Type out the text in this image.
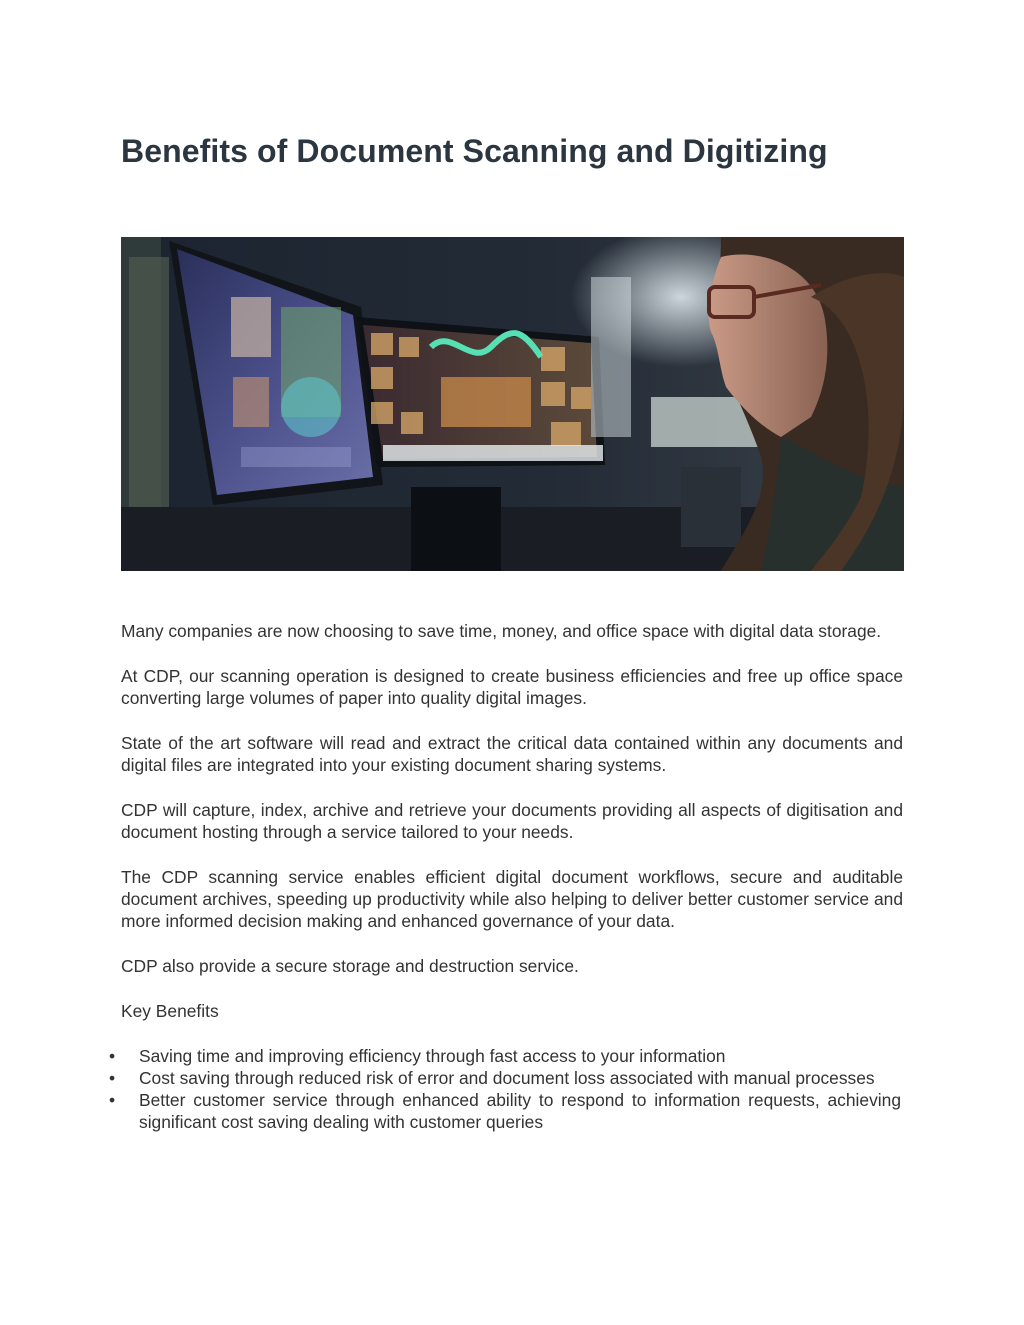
Benefits of Document Scanning and Digitizing

Many companies are now choosing to save time, money, and office space with digital data storage.

At CDP, our scanning operation is designed to create business efficiencies and free up office space converting large volumes of paper into quality digital images.

State of the art software will read and extract the critical data contained within any documents and digital files are integrated into your existing document sharing systems.

CDP will capture, index, archive and retrieve your documents providing all aspects of digitisation and document hosting through a service tailored to your needs.

The CDP scanning service enables efficient digital document workflows, secure and auditable document archives, speeding up productivity while also helping to deliver better customer service and more informed decision making and enhanced governance of your data.

CDP also provide a secure storage and destruction service.

Key Benefits

• Saving time and improving efficiency through fast access to your information
• Cost saving through reduced risk of error and document loss associated with manual processes
• Better customer service through enhanced ability to respond to information requests, achieving significant cost saving dealing with customer queries
